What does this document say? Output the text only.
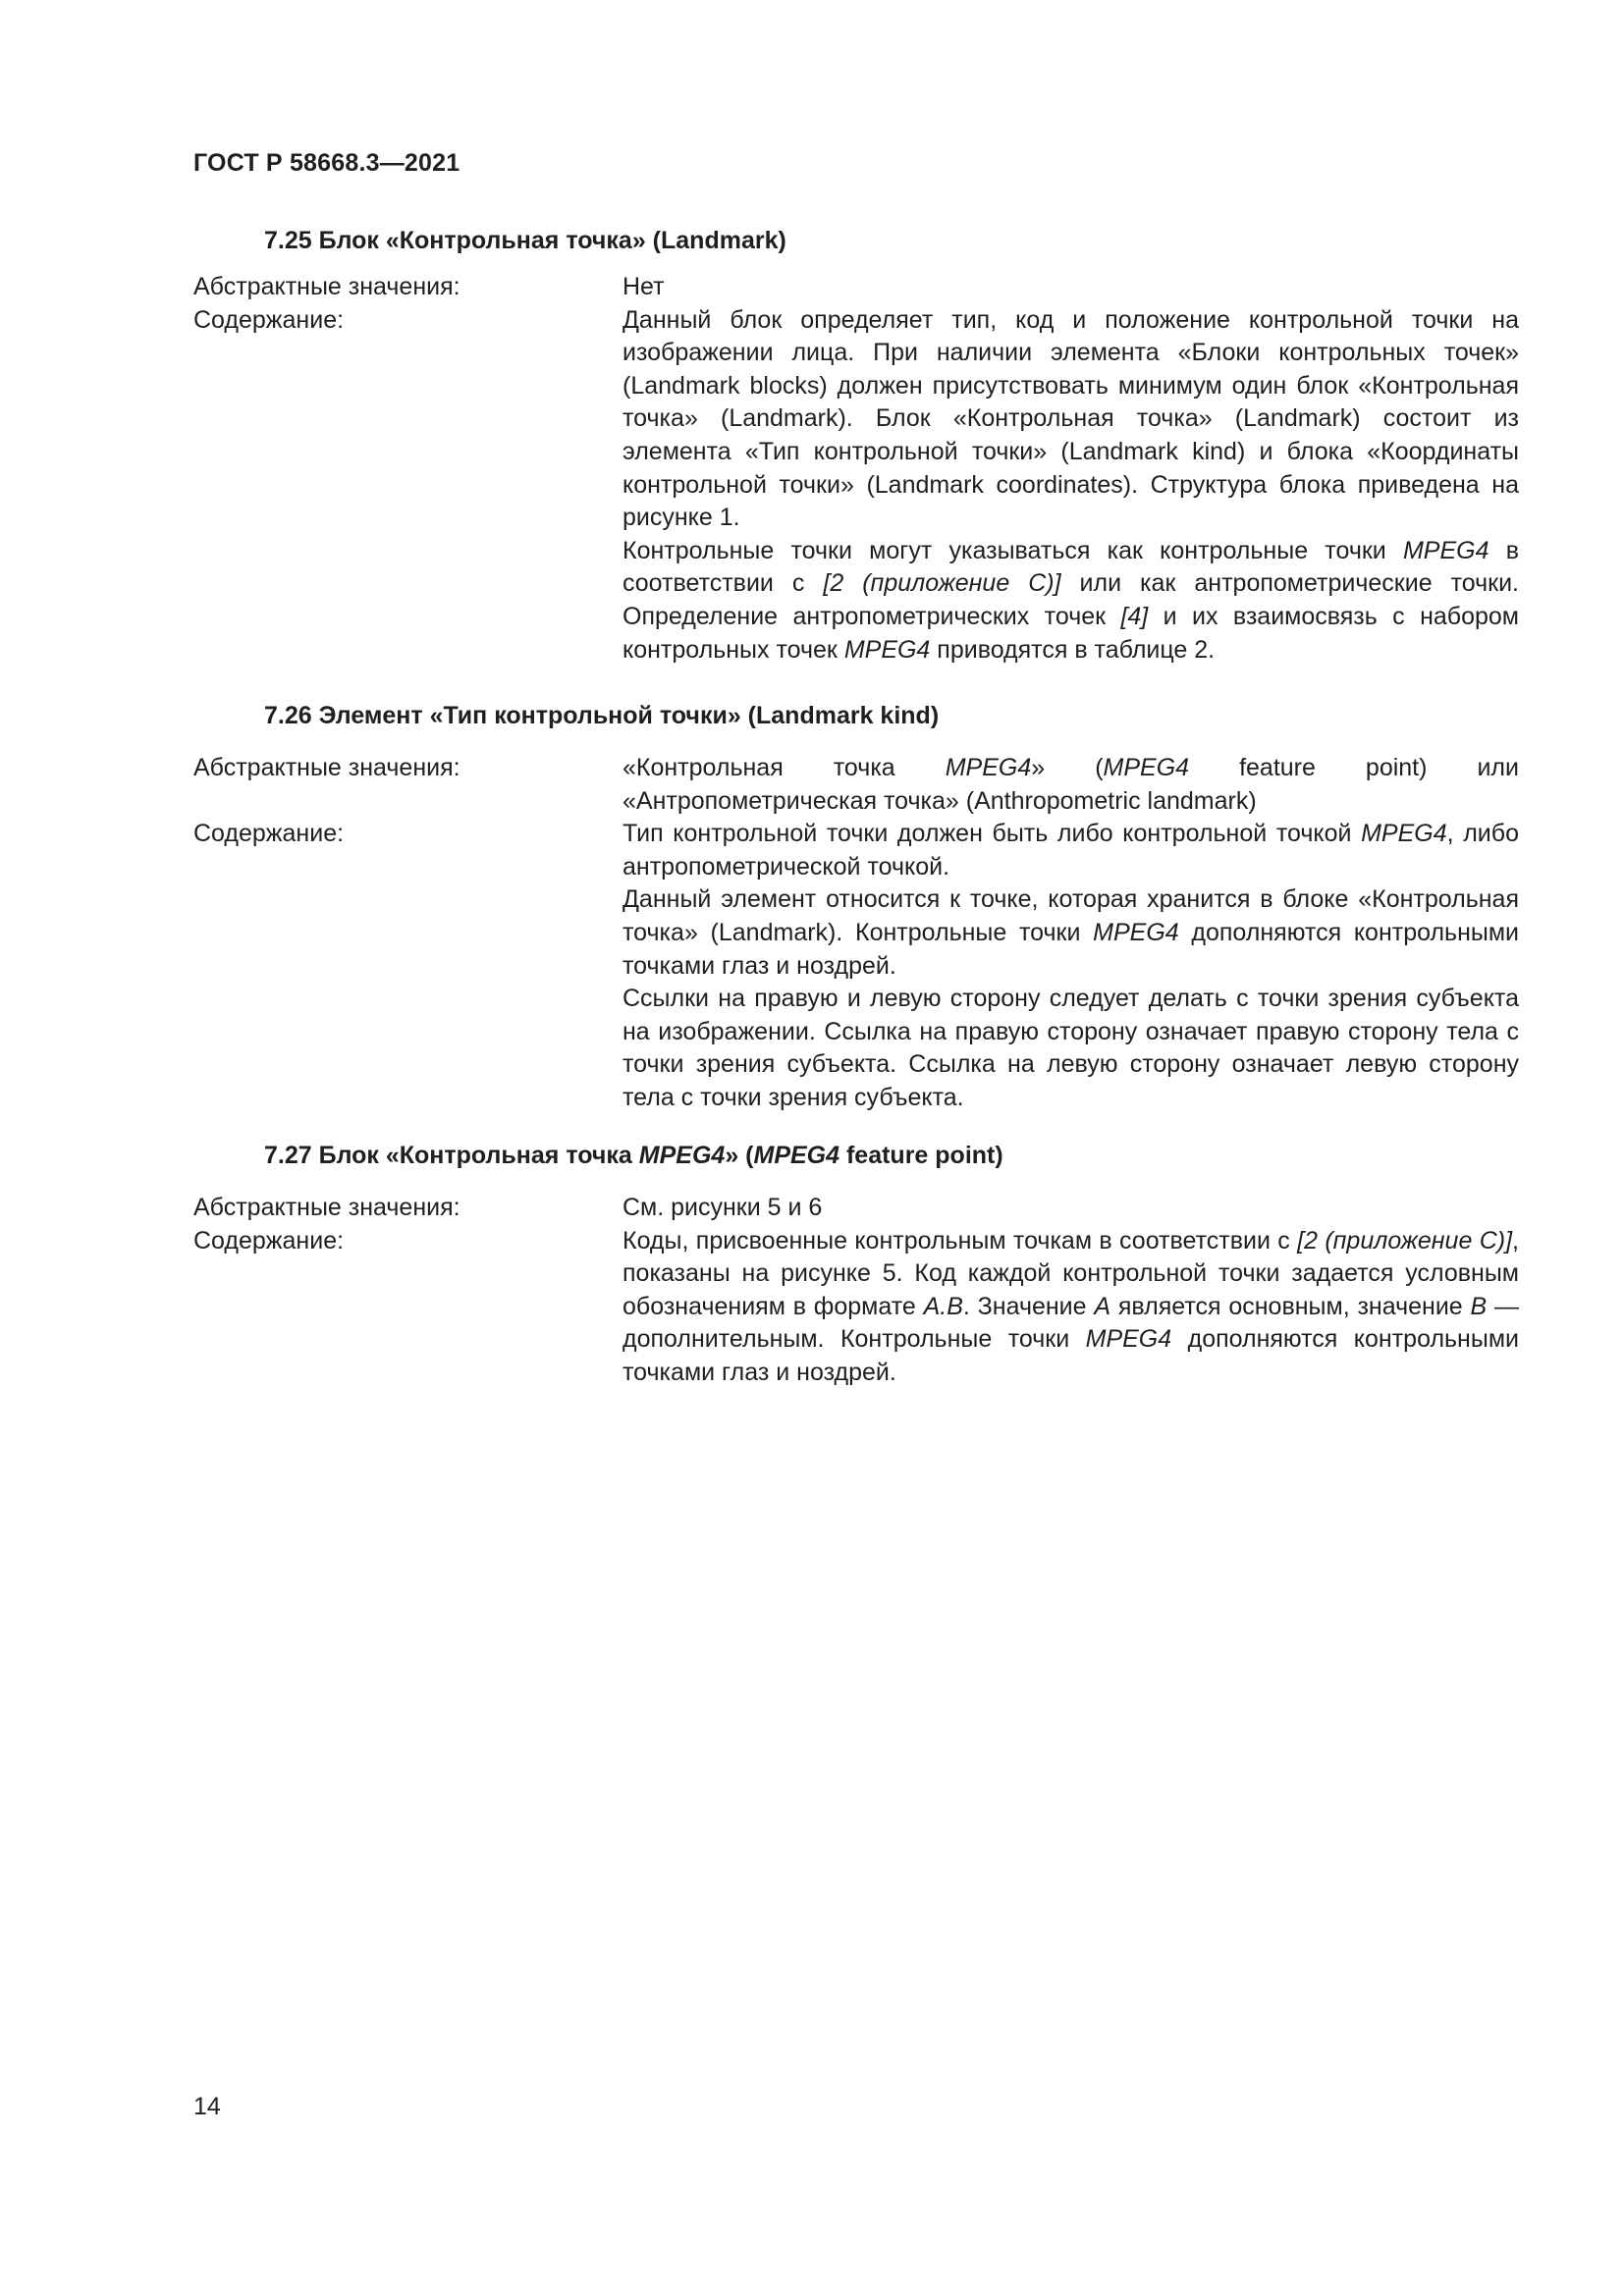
ГОСТ Р 58668.3—2021
7.25 Блок «Контрольная точка» (Landmark)
Абстрактные значения:	Нет

Содержание:	Данный блок определяет тип, код и положение контрольной точки на изображении лица. При наличии элемента «Блоки контрольных точек» (Landmark blocks) должен присутствовать минимум один блок «Контрольная точка» (Landmark). Блок «Контрольная точка» (Landmark) состоит из элемента «Тип контрольной точки» (Landmark kind) и блока «Координаты контрольной точки» (Landmark coordinates). Структура блока приведена на рисунке 1.

Контрольные точки могут указываться как контрольные точки MPEG4 в соответствии с [2 (приложение С)] или как антропометрические точки. Определение антропометрических точек [4] и их взаимосвязь с набором контрольных точек MPEG4 приводятся в таблице 2.

7.26 Элемент «Тип контрольной точки» (Landmark kind)
Абстрактные значения:	«Контрольная точка MPEG4» (MPEG4 feature point) или «Антропометрическая точка» (Anthropometric landmark)

Содержание:	Тип контрольной точки должен быть либо контрольной точкой MPEG4, либо антропометрической точкой.

Данный элемент относится к точке, которая хранится в блоке «Контрольная точка» (Landmark). Контрольные точки MPEG4 дополняются контрольными точками глаз и ноздрей.

Ссылки на правую и левую сторону следует делать с точки зрения субъекта на изображении. Ссылка на правую сторону означает правую сторону тела с точки зрения субъекта. Ссылка на левую сторону означает левую сторону тела с точки зрения субъекта.

7.27 Блок «Контрольная точка MPEG4» (MPEG4 feature point)
Абстрактные значения:	См. рисунки 5 и 6

Содержание:	Коды, присвоенные контрольным точкам в соответствии с [2 (приложение С)], показаны на рисунке 5. Код каждой контрольной точки задается условным обозначениям в формате А.В. Значение А является основным, значение В — дополнительным. Контрольные точки MPEG4 дополняются контрольными точками глаз и ноздрей.

14
